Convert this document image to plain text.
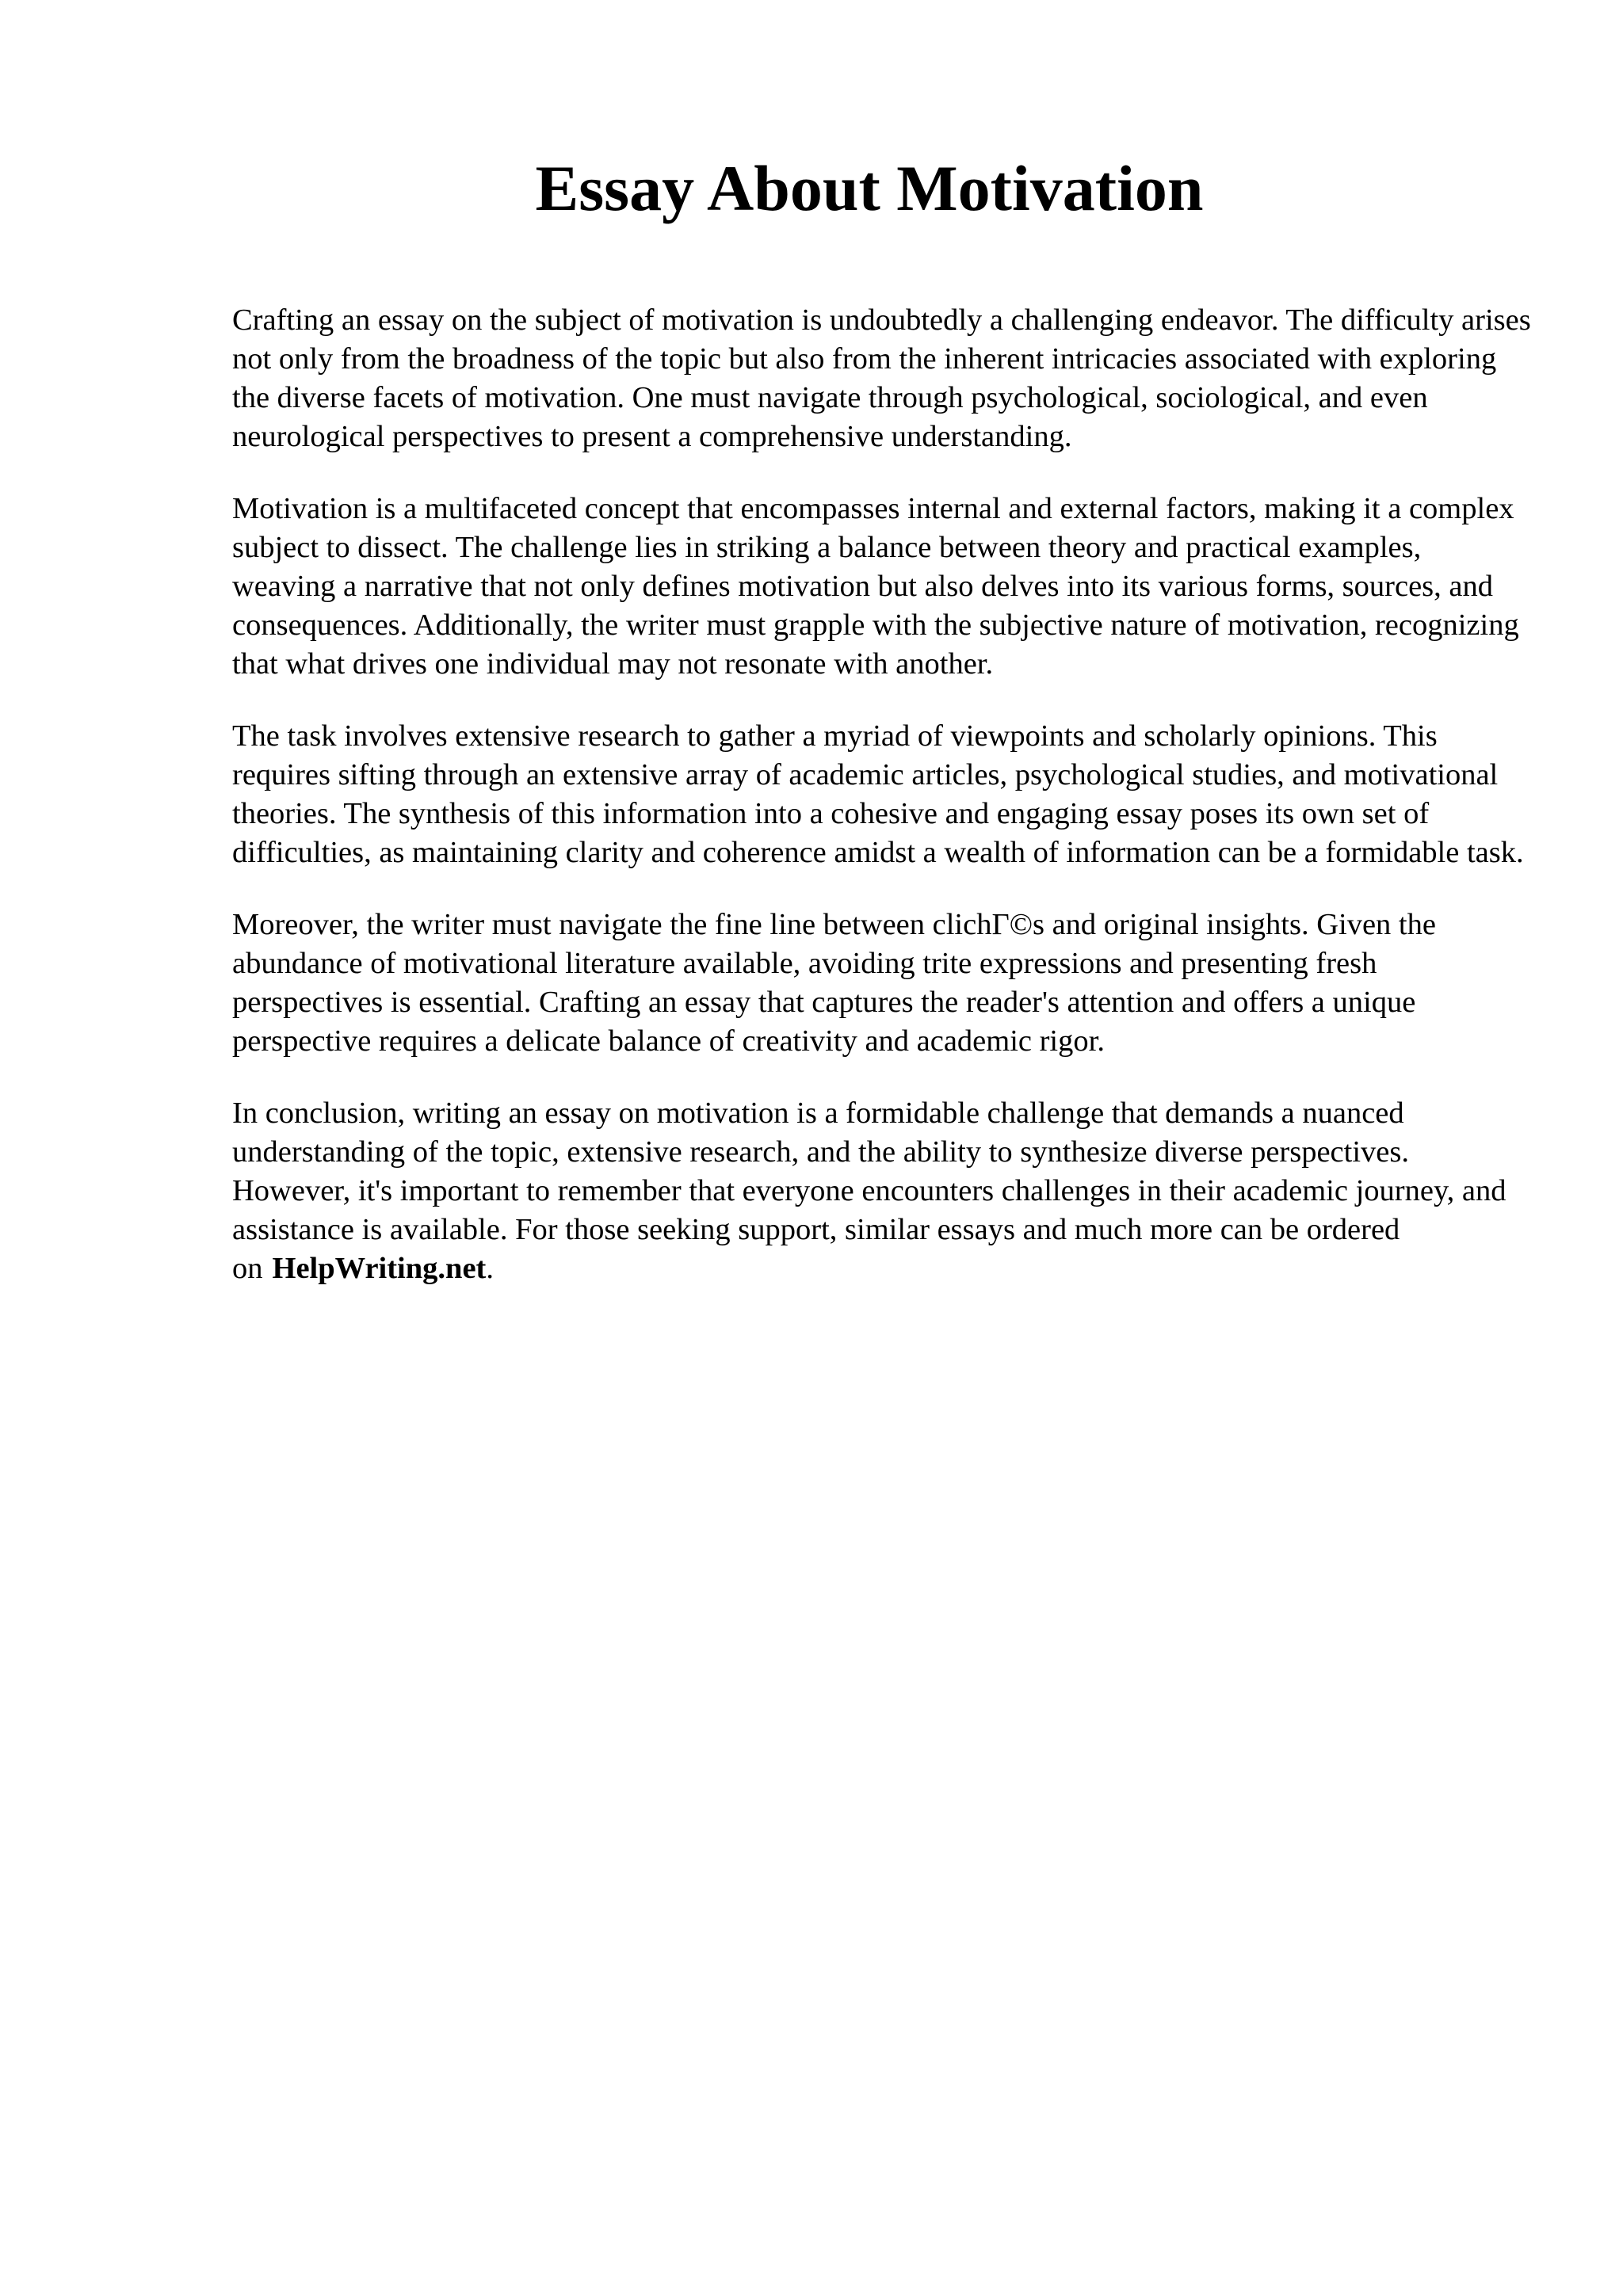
Essay About Motivation

Crafting an essay on the subject of motivation is undoubtedly a challenging endeavor. The difficulty arises not only from the broadness of the topic but also from the inherent intricacies associated with exploring the diverse facets of motivation. One must navigate through psychological, sociological, and even neurological perspectives to present a comprehensive understanding.

Motivation is a multifaceted concept that encompasses internal and external factors, making it a complex subject to dissect. The challenge lies in striking a balance between theory and practical examples, weaving a narrative that not only defines motivation but also delves into its various forms, sources, and consequences. Additionally, the writer must grapple with the subjective nature of motivation, recognizing that what drives one individual may not resonate with another.

The task involves extensive research to gather a myriad of viewpoints and scholarly opinions. This requires sifting through an extensive array of academic articles, psychological studies, and motivational theories. The synthesis of this information into a cohesive and engaging essay poses its own set of difficulties, as maintaining clarity and coherence amidst a wealth of information can be a formidable task.

Moreover, the writer must navigate the fine line between clichΓ©s and original insights. Given the abundance of motivational literature available, avoiding trite expressions and presenting fresh perspectives is essential. Crafting an essay that captures the reader's attention and offers a unique perspective requires a delicate balance of creativity and academic rigor.

In conclusion, writing an essay on motivation is a formidable challenge that demands a nuanced understanding of the topic, extensive research, and the ability to synthesize diverse perspectives. However, it's important to remember that everyone encounters challenges in their academic journey, and assistance is available. For those seeking support, similar essays and much more can be ordered on HelpWriting.net.
